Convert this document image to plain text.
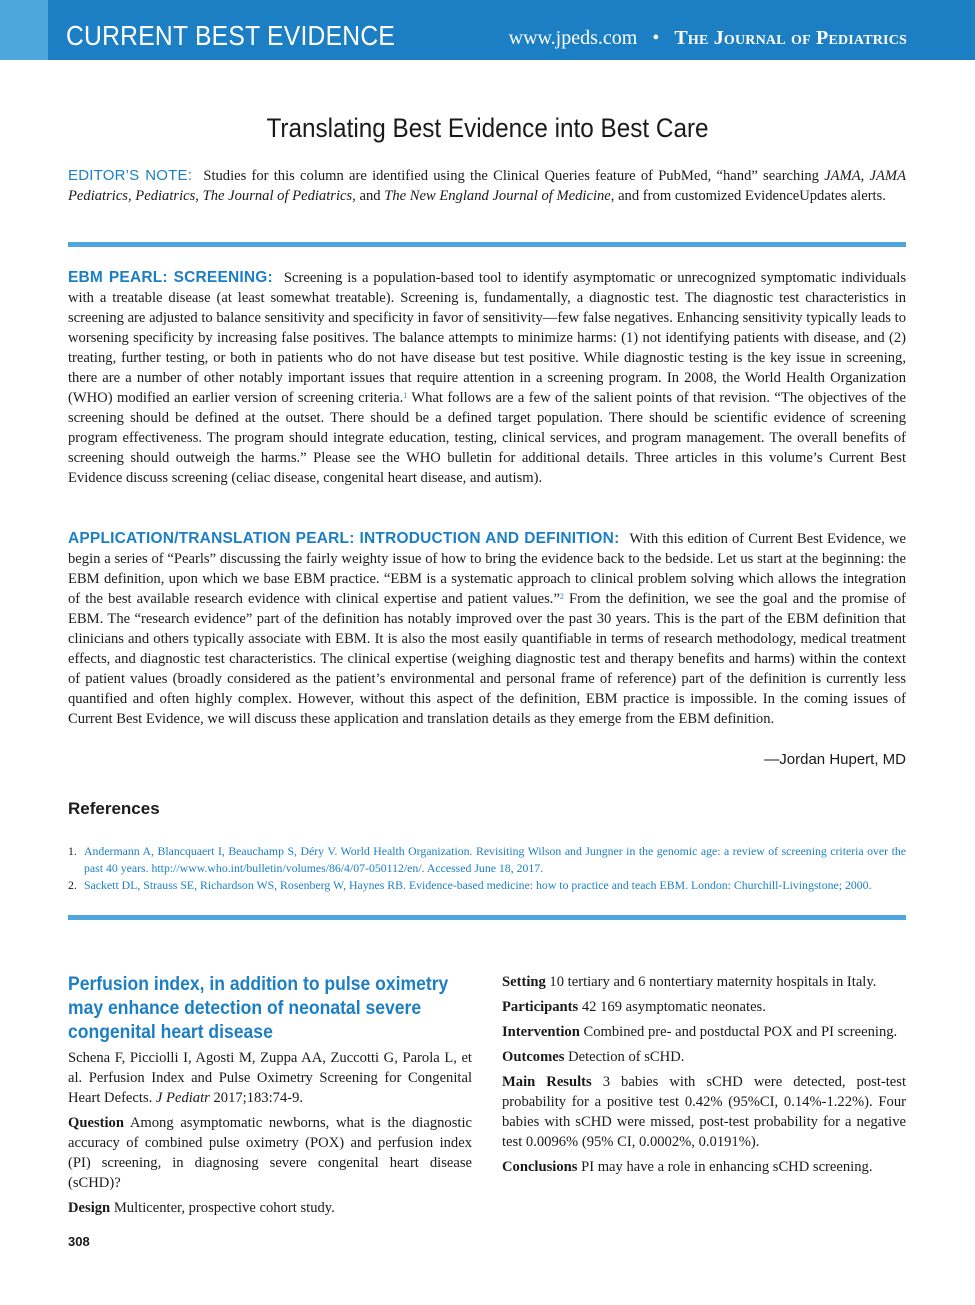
CURRENT BEST EVIDENCE	www.jpeds.com • The Journal of Pediatrics
Translating Best Evidence into Best Care
EDITOR’S NOTE: Studies for this column are identified using the Clinical Queries feature of PubMed, “hand” searching JAMA, JAMA Pediatrics, Pediatrics, The Journal of Pediatrics, and The New England Journal of Medicine, and from customized EvidenceUpdates alerts.
EBM PEARL: SCREENING: Screening is a population-based tool to identify asymptomatic or unrecognized symptomatic individuals with a treatable disease (at least somewhat treatable). Screening is, fundamentally, a diagnostic test. The diagnostic test characteristics in screening are adjusted to balance sensitivity and specificity in favor of sensitivity—few false negatives. Enhancing sensitivity typically leads to worsening specificity by increasing false positives. The balance attempts to minimize harms: (1) not identifying patients with disease, and (2) treating, further testing, or both in patients who do not have disease but test positive. While diagnostic testing is the key issue in screening, there are a number of other notably important issues that require attention in a screening program. In 2008, the World Health Organization (WHO) modified an earlier version of screening criteria.$^1$ What follows are a few of the salient points of that revision. “The objectives of the screening should be defined at the outset. There should be a defined target population. There should be scientific evidence of screening program effectiveness. The program should integrate education, testing, clinical services, and program management. The overall benefits of screening should outweigh the harms.” Please see the WHO bulletin for additional details. Three articles in this volume’s Current Best Evidence discuss screening (celiac disease, congenital heart disease, and autism).
APPLICATION/TRANSLATION PEARL: INTRODUCTION AND DEFINITION: With this edition of Current Best Evidence, we begin a series of “Pearls” discussing the fairly weighty issue of how to bring the evidence back to the bedside. Let us start at the beginning: the EBM definition, upon which we base EBM practice. “EBM is a systematic approach to clinical problem solving which allows the integration of the best available research evidence with clinical expertise and patient values.”$^2$ From the definition, we see the goal and the promise of EBM. The “research evidence” part of the definition has notably improved over the past 30 years. This is the part of the EBM definition that clinicians and others typically associate with EBM. It is also the most easily quantifiable in terms of research methodology, medical treatment effects, and diagnostic test characteristics. The clinical expertise (weighing diagnostic test and therapy benefits and harms) within the context of patient values (broadly considered as the patient’s environmental and personal frame of reference) part of the definition is currently less quantified and often highly complex. However, without this aspect of the definition, EBM practice is impossible. In the coming issues of Current Best Evidence, we will discuss these application and translation details as they emerge from the EBM definition.
—Jordan Hupert, MD
References
1. Andermann A, Blancquaert I, Beauchamp S, Déry V. World Health Organization. Revisiting Wilson and Jungner in the genomic age: a review of screening criteria over the past 40 years. http://www.who.int/bulletin/volumes/86/4/07-050112/en/. Accessed June 18, 2017.
2. Sackett DL, Strauss SE, Richardson WS, Rosenberg W, Haynes RB. Evidence-based medicine: how to practice and teach EBM. London: Churchill-Livingstone; 2000.
Perfusion index, in addition to pulse oximetry may enhance detection of neonatal severe congenital heart disease
Schena F, Picciolli I, Agosti M, Zuppa AA, Zuccotti G, Parola L, et al. Perfusion Index and Pulse Oximetry Screening for Congenital Heart Defects. J Pediatr 2017;183:74-9.
Question Among asymptomatic newborns, what is the diagnostic accuracy of combined pulse oximetry (POX) and perfusion index (PI) screening, in diagnosing severe congenital heart disease (sCHD)?
Design Multicenter, prospective cohort study.
Setting 10 tertiary and 6 nontertiary maternity hospitals in Italy.
Participants 42 169 asymptomatic neonates.
Intervention Combined pre- and postductal POX and PI screening.
Outcomes Detection of sCHD.
Main Results 3 babies with sCHD were detected, post-test probability for a positive test 0.42% (95%CI, 0.14%-1.22%). Four babies with sCHD were missed, post-test probability for a negative test 0.0096% (95% CI, 0.0002%, 0.0191%).
Conclusions PI may have a role in enhancing sCHD screening.
308
